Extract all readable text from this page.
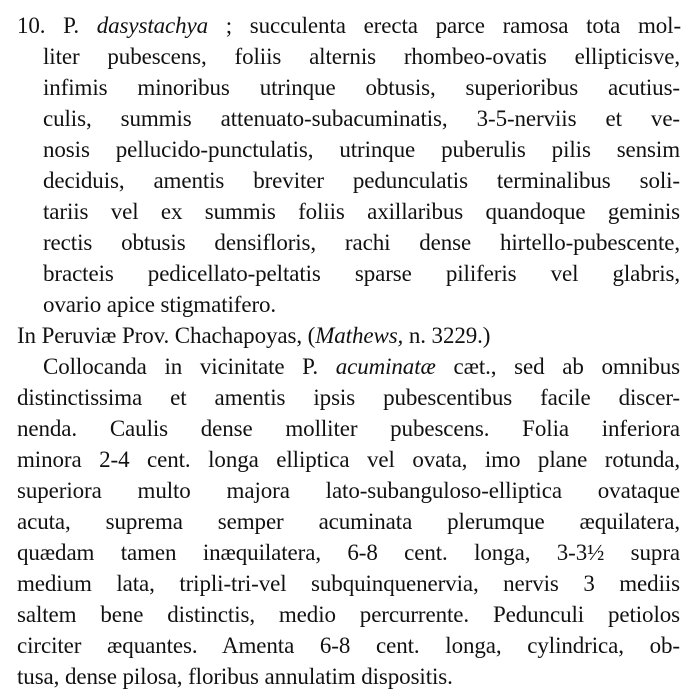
10. P. dasystachya ; succulenta erecta parce ramosa tota mol-
liter pubescens, foliis alternis rhombeo-ovatis ellipticisve,
infimis minoribus utrinque obtusis, superioribus acutius-
culis, summis attenuato-subacuminatis, 3-5-nerviis et ve-
nosis pellucido-punctulatis, utrinque puberulis pilis sensim
deciduis, amentis breviter pedunculatis terminalibus soli-
tariis vel ex summis foliis axillaribus quandoque geminis
rectis obtusis densifloris, rachi dense hirtello-pubescente,
bracteis pedicellato-peltatis sparse piliferis vel glabris,
ovario apice stigmatifero.
In Peruviæ Prov. Chachapoyas, (Mathews, n. 3229.)
Collocanda in vicinitate P. acuminatæ cæt., sed ab omnibus
distinctissima et amentis ipsis pubescentibus facile discer-
nenda. Caulis dense molliter pubescens. Folia inferiora
minora 2-4 cent. longa elliptica vel ovata, imo plane rotunda,
superiora multo majora lato-subanguloso-elliptica ovataque
acuta, suprema semper acuminata plerumque æquilatera,
quædam tamen inæquilatera, 6-8 cent. longa, 3-3½ supra
medium lata, tripli-tri-vel subquinquenervia, nervis 3 mediis
saltem bene distinctis, medio percurrente. Pedunculi petiolos
circiter æquantes. Amenta 6-8 cent. longa, cylindrica, ob-
tusa, dense pilosa, floribus annulatim dispositis.
